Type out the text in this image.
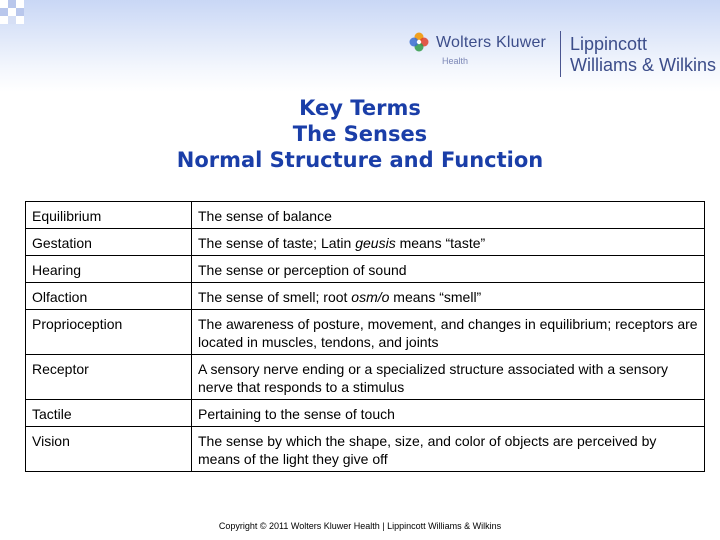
Wolters Kluwer
Health
Lippincott
Williams & Wilkins
Key Terms
The Senses
Normal Structure and Function
Equilibrium	The sense of balance
Gestation	The sense of taste; Latin geusis means “taste”
Hearing	The sense or perception of sound
Olfaction	The sense of smell; root osm/o means “smell”
Proprioception	The awareness of posture, movement, and changes in equilibrium; receptors are located in muscles, tendons, and joints
Receptor	A sensory nerve ending or a specialized structure associated with a sensory nerve that responds to a stimulus
Tactile	Pertaining to the sense of touch
Vision	The sense by which the shape, size, and color of objects are perceived by means of the light they give off
Copyright © 2011 Wolters Kluwer Health | Lippincott Williams & Wilkins
